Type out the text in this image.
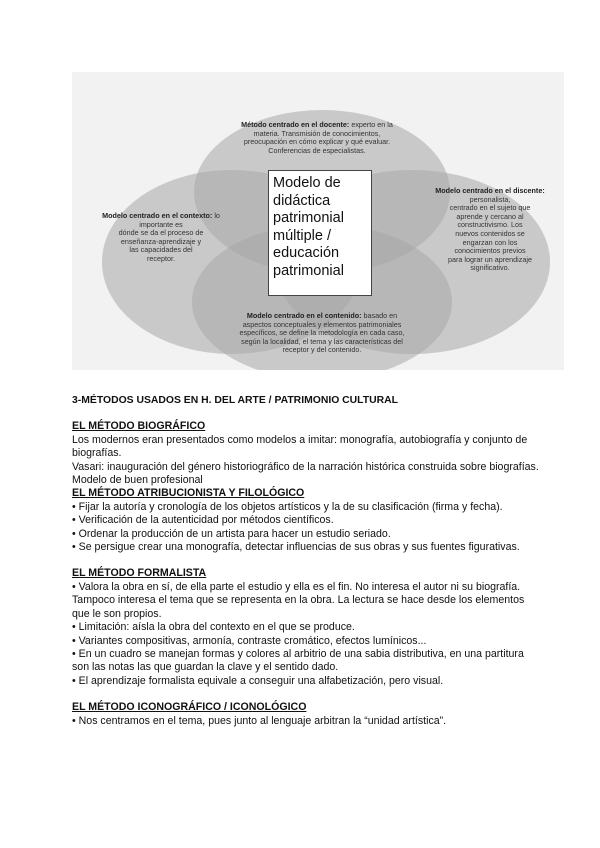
Método centrado en el docente: experto en la
materia. Transmisión de conocimientos,
preocupación en cómo explicar y qué evaluar.
Conferencias de especialistas.
Modelo centrado en el contexto: lo importante es
dónde se da el proceso de
enseñanza-aprendizaje y
las capacidades del
receptor.
Modelo centrado en el discente: personalista,
centrado en el sujeto que
aprende y cercano al
constructivismo. Los
nuevos contenidos se
engarzan con los
conocimientos previos
para lograr un aprendizaje
significativo.
Modelo centrado en el contenido: basado en
aspectos conceptuales y elementos patrimoniales
específicos, se define la metodología en cada caso,
según la localidad, el tema y las características del
receptor y del contenido.
Modelo de
didáctica
patrimonial
múltiple /
educación
patrimonial

3-MÉTODOS USADOS EN H. DEL ARTE / PATRIMONIO CULTURAL

EL MÉTODO BIOGRÁFICO

Los modernos eran presentados como modelos a imitar: monografía, autobiografía y conjunto de biografías.

Vasari: inauguración del género historiográfico de la narración histórica construida sobre biografías. Modelo de buen profesional

EL MÉTODO ATRIBUCIONISTA Y FILOLÓGICO

• Fijar la autoría y cronología de los objetos artísticos y la de su clasificación (firma y fecha).

• Verificación de la autenticidad por métodos científicos.

• Ordenar la producción de un artista para hacer un estudio seriado.

• Se persigue crear una monografía, detectar influencias de sus obras y sus fuentes figurativas.

EL MÉTODO FORMALISTA

• Valora la obra en sí, de ella parte el estudio y ella es el fin. No interesa el autor ni su biografía. Tampoco interesa el tema que se representa en la obra. La lectura se hace desde los elementos que le son propios.

• Limitación: aísla la obra del contexto en el que se produce.

• Variantes compositivas, armonía, contraste cromático, efectos lumínicos...

• En un cuadro se manejan formas y colores al arbitrio de una sabia distributiva, en una partitura son las notas las que guardan la clave y el sentido dado.

• El aprendizaje formalista equivale a conseguir una alfabetización, pero visual.

EL MÉTODO ICONOGRÁFICO / ICONOLÓGICO

• Nos centramos en el tema, pues junto al lenguaje arbitran la “unidad artística”.
